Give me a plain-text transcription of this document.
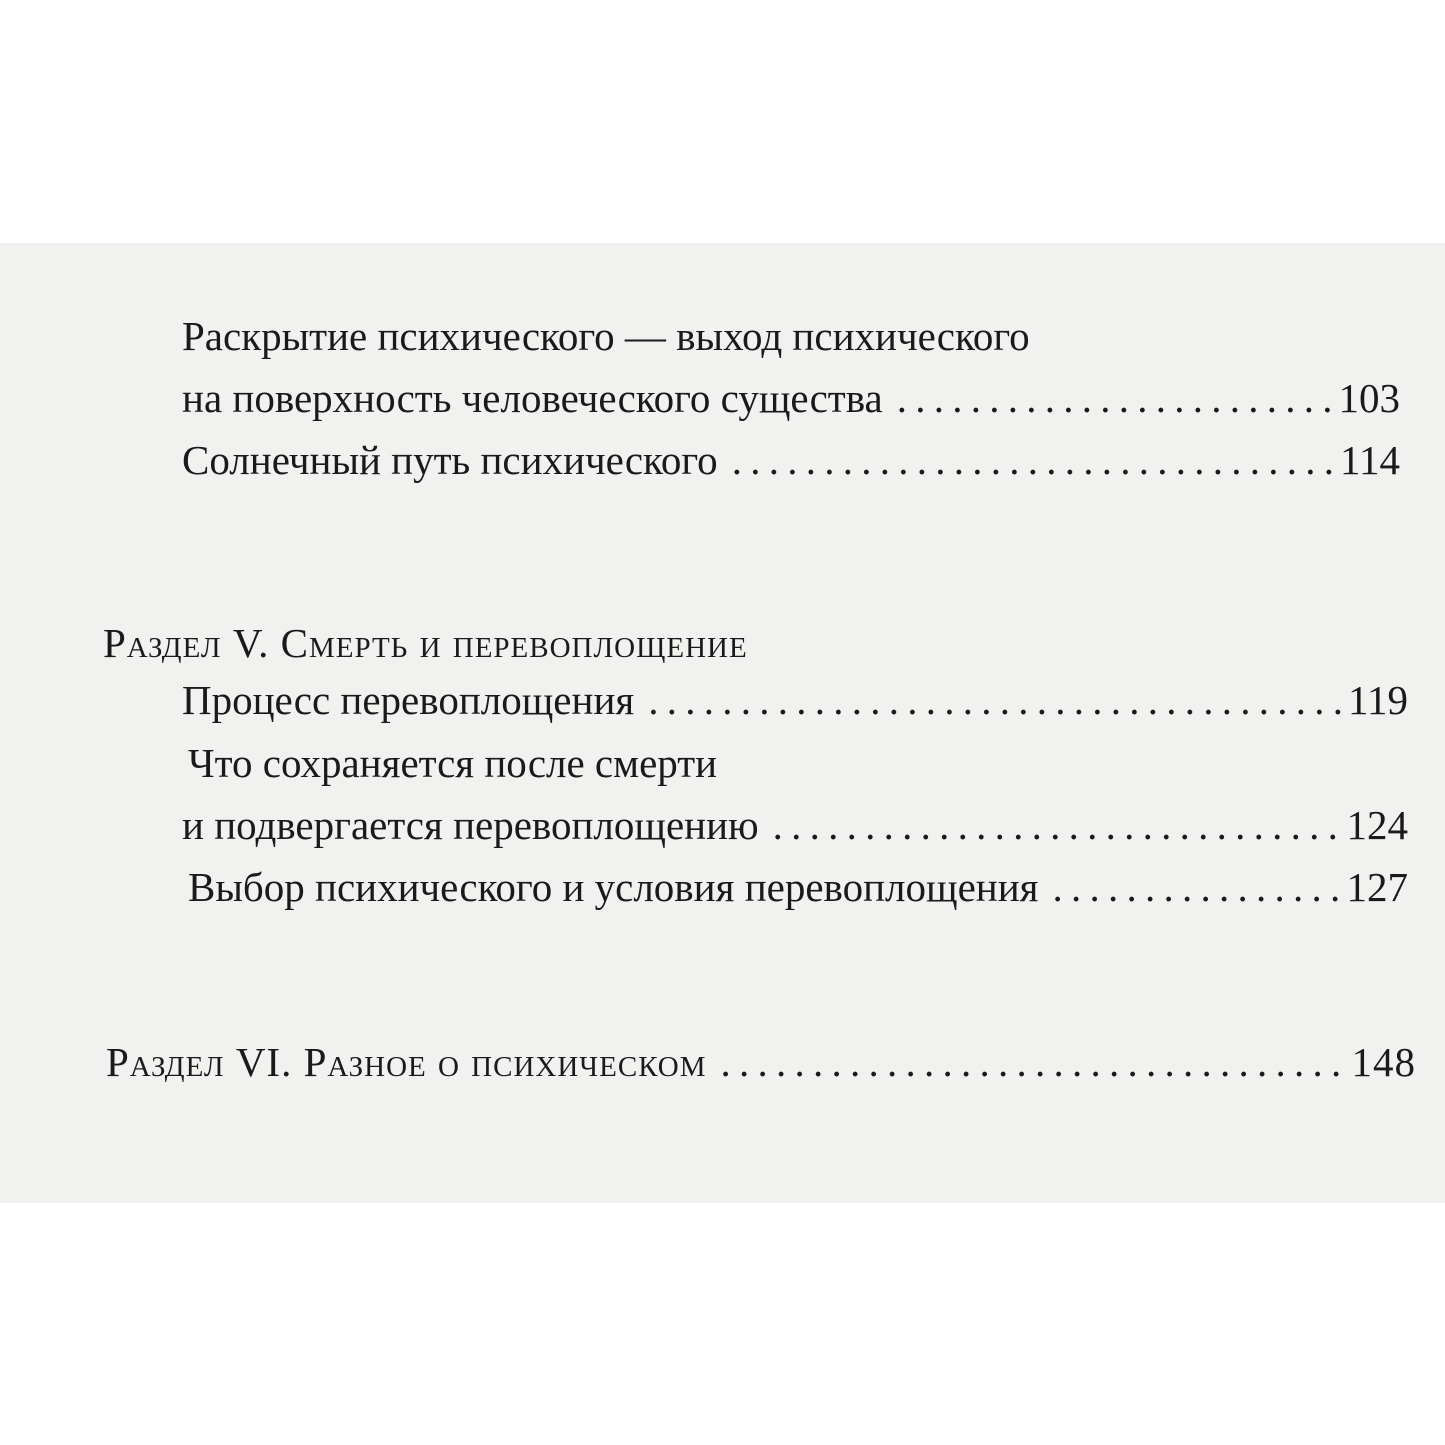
Раскрытие психического — выход психического
на поверхность человеческого существа . . .	103
Солнечный путь психического . . .	114
Раздел V. Смерть и перевоплощение
Процесс перевоплощения . . .	119
Что сохраняется после смерти
и подвергается перевоплощению . . .	124
Выбор психического и условия перевоплощения . . .	127
Раздел VI. Разное о психическом . . .	148
